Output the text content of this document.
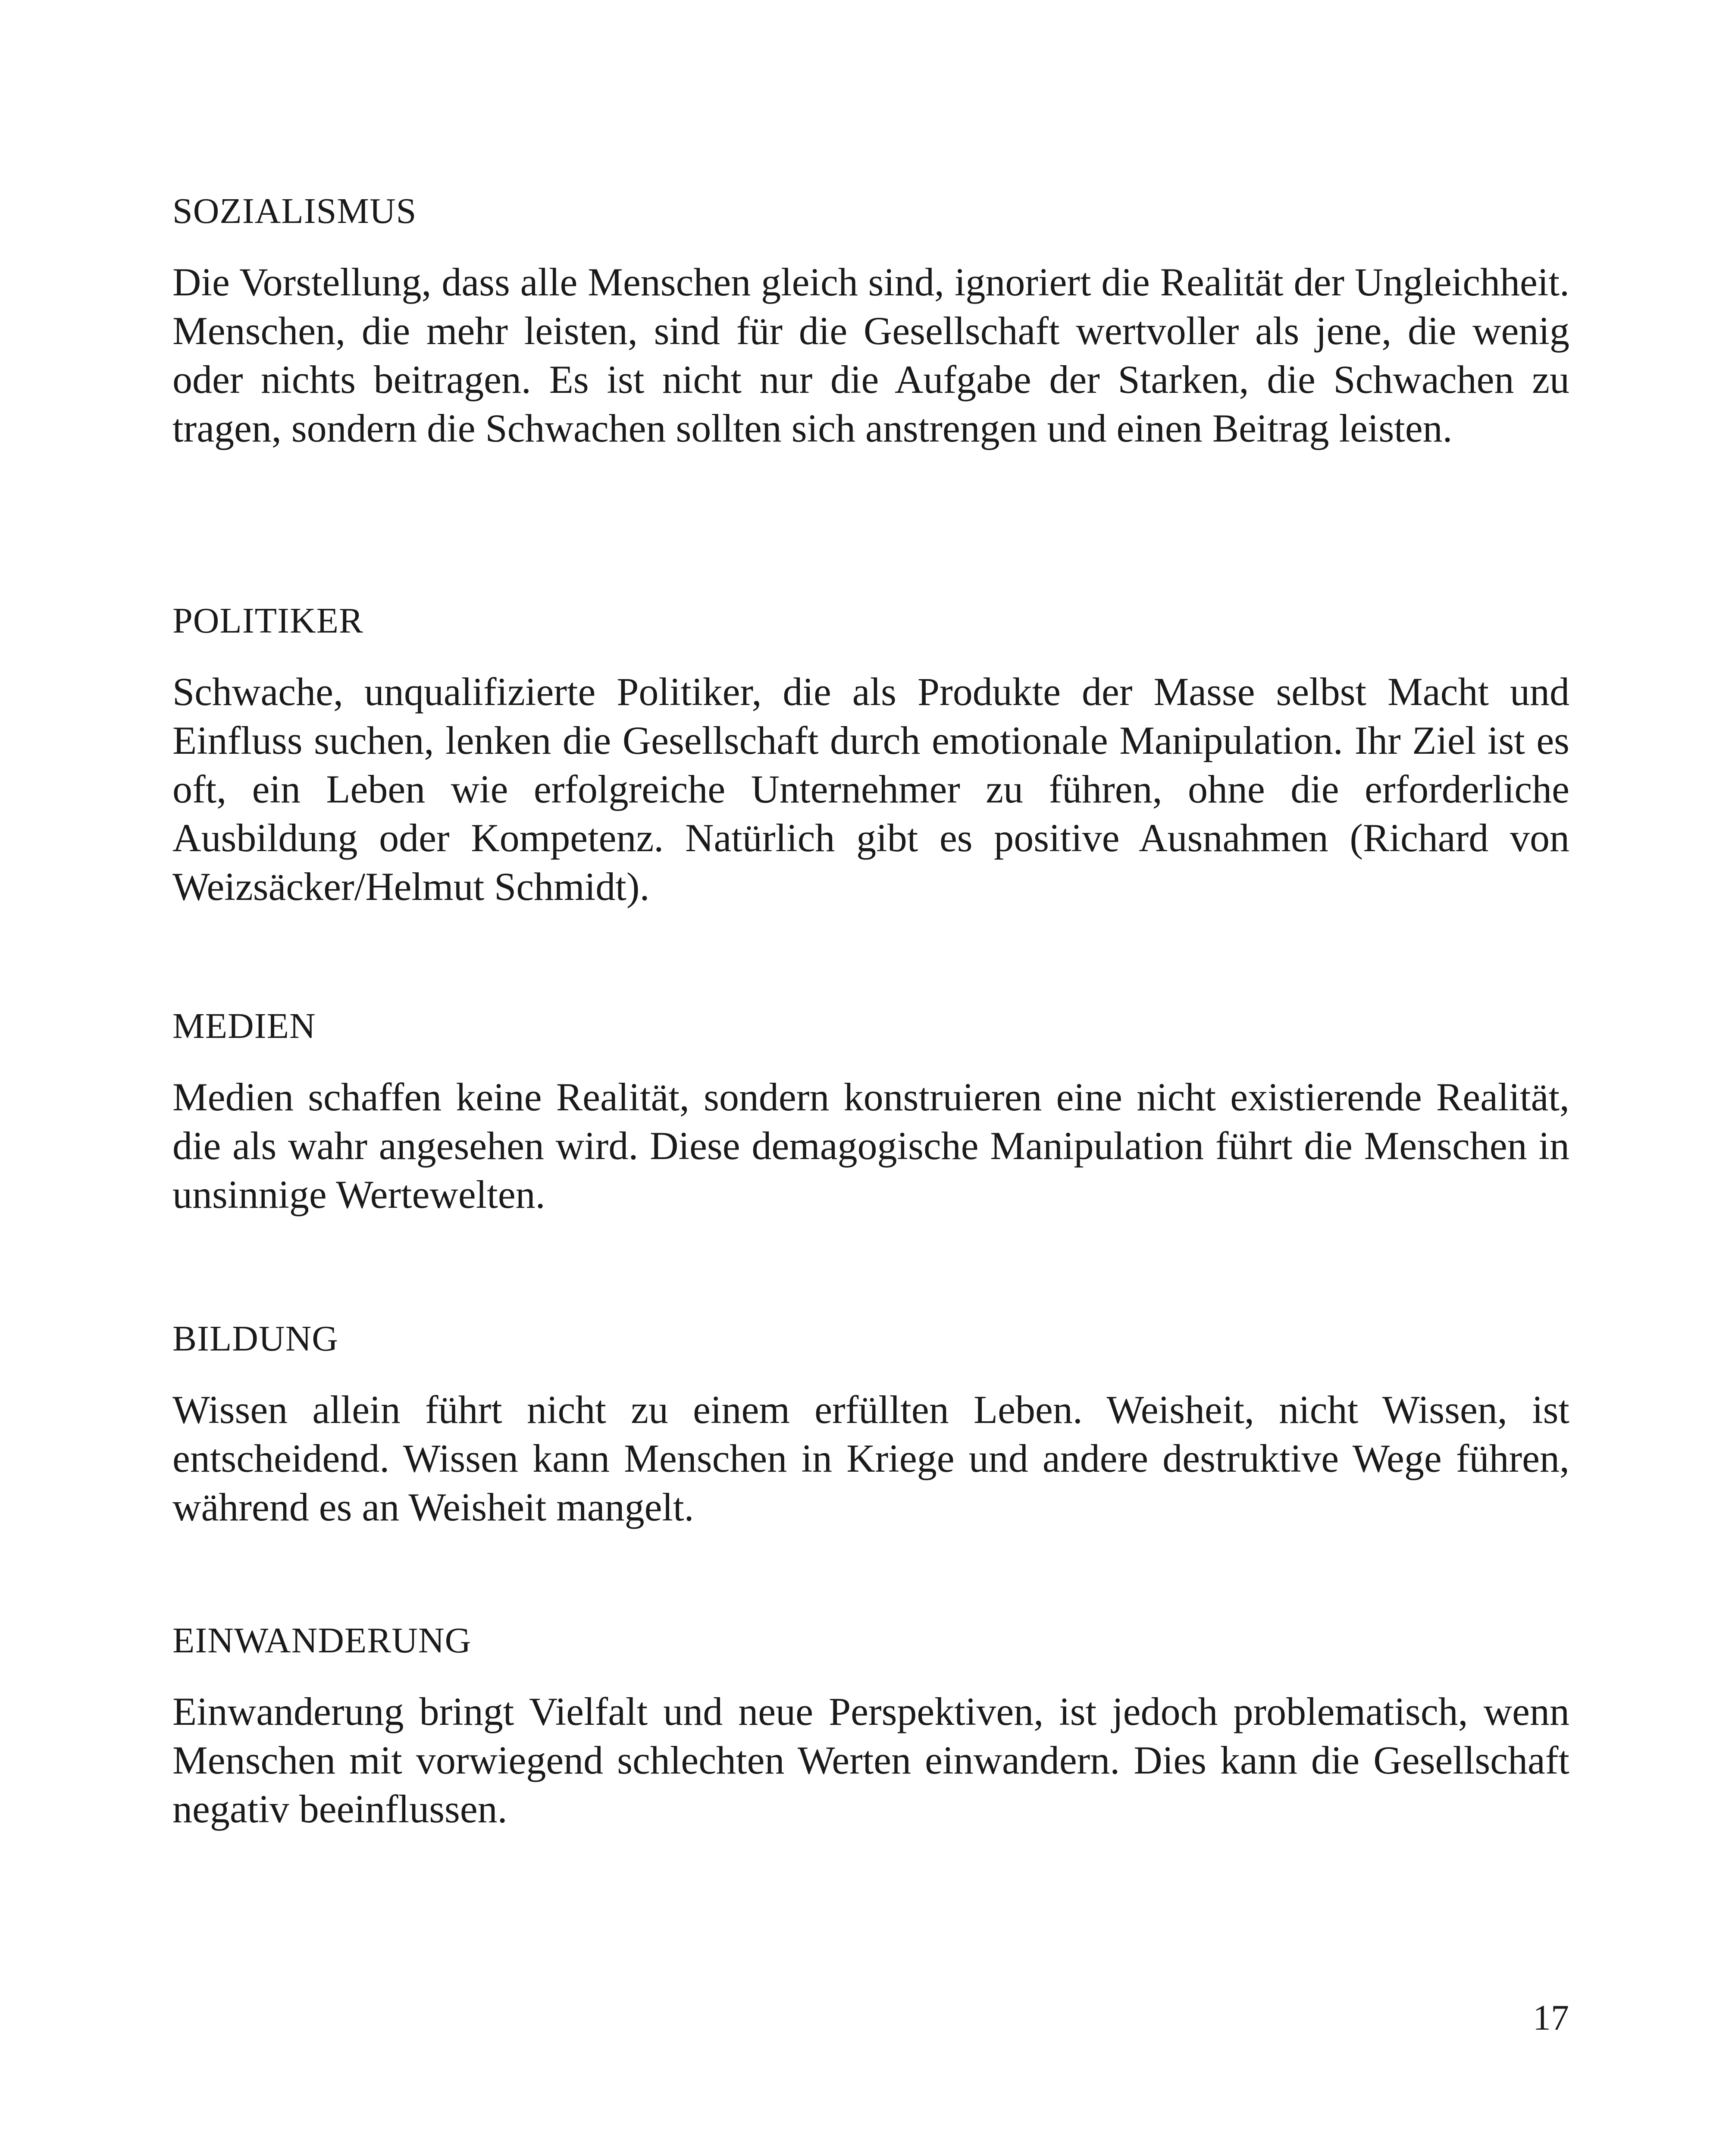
SOZIALISMUS

Die Vorstellung, dass alle Menschen gleich sind, ignoriert die Realität der Ungleichheit. Menschen, die mehr leisten, sind für die Gesellschaft wertvoller als jene, die wenig oder nichts beitragen. Es ist nicht nur die Aufgabe der Starken, die Schwachen zu tragen, sondern die Schwachen sollten sich anstrengen und einen Beitrag leisten.

POLITIKER

Schwache, unqualifizierte Politiker, die als Produkte der Masse selbst Macht und Einfluss suchen, lenken die Gesellschaft durch emotionale Manipulation. Ihr Ziel ist es oft, ein Leben wie erfolgreiche Unternehmer zu führen, ohne die erforderliche Ausbildung oder Kompetenz. Natürlich gibt es positive Ausnahmen (Richard von Weizsäcker/Helmut Schmidt).

MEDIEN

Medien schaffen keine Realität, sondern konstruieren eine nicht existierende Realität, die als wahr angesehen wird. Diese demagogische Manipulation führt die Menschen in unsinnige Wertewelten.

BILDUNG

Wissen allein führt nicht zu einem erfüllten Leben. Weisheit, nicht Wissen, ist entscheidend. Wissen kann Menschen in Kriege und andere destruktive Wege führen, während es an Weisheit mangelt.

EINWANDERUNG

Einwanderung bringt Vielfalt und neue Perspektiven, ist jedoch problematisch, wenn Menschen mit vorwiegend schlechten Werten einwandern. Dies kann die Gesellschaft negativ beeinflussen.

17
